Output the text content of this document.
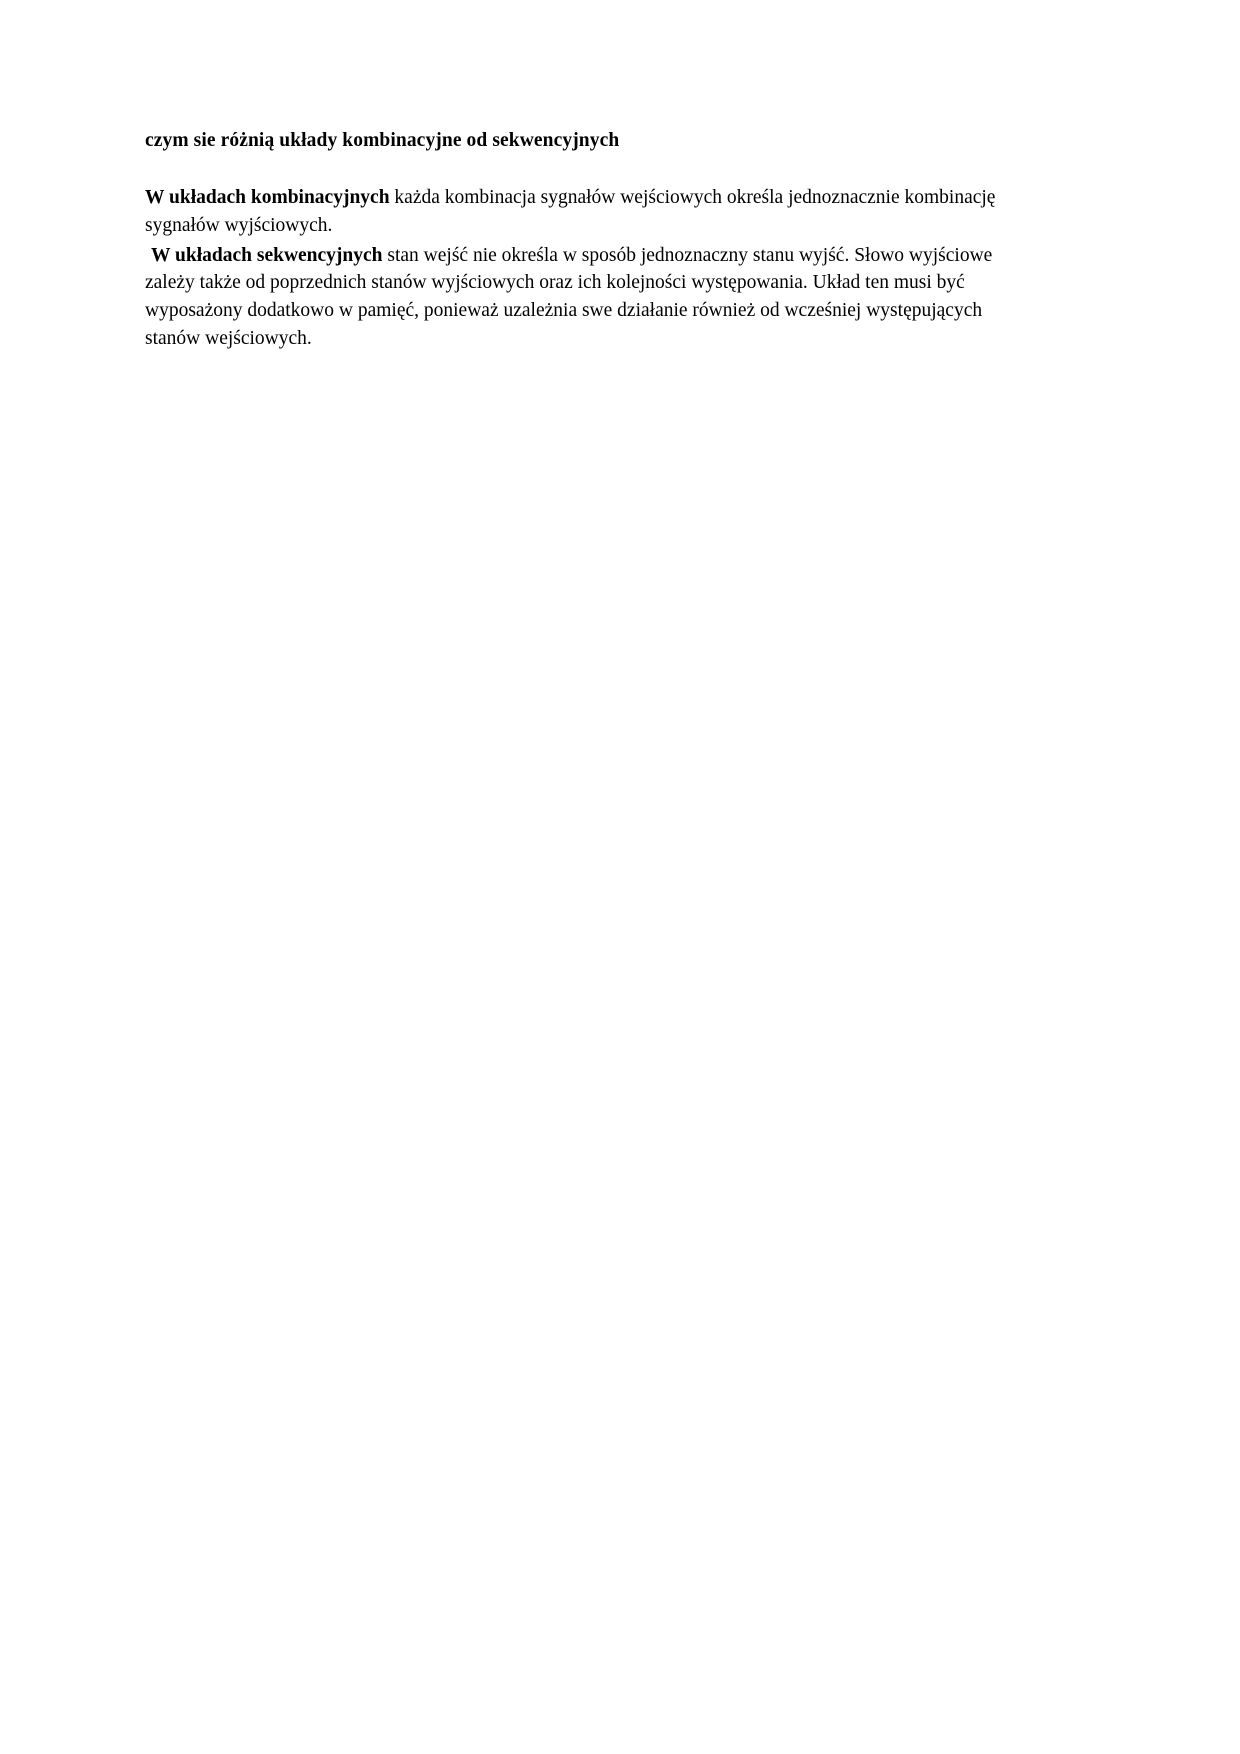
czym sie różnią układy kombinacyjne od sekwencyjnych

W układach kombinacyjnych każda kombinacja sygnałów wejściowych określa jednoznacznie kombinację sygnałów wyjściowych.

W układach sekwencyjnych stan wejść nie określa w sposób jednoznaczny stanu wyjść. Słowo wyjściowe zależy także od poprzednich stanów wyjściowych oraz ich kolejności występowania. Układ ten musi być wyposażony dodatkowo w pamięć, ponieważ uzależnia swe działanie również od wcześniej występujących stanów wejściowych.
